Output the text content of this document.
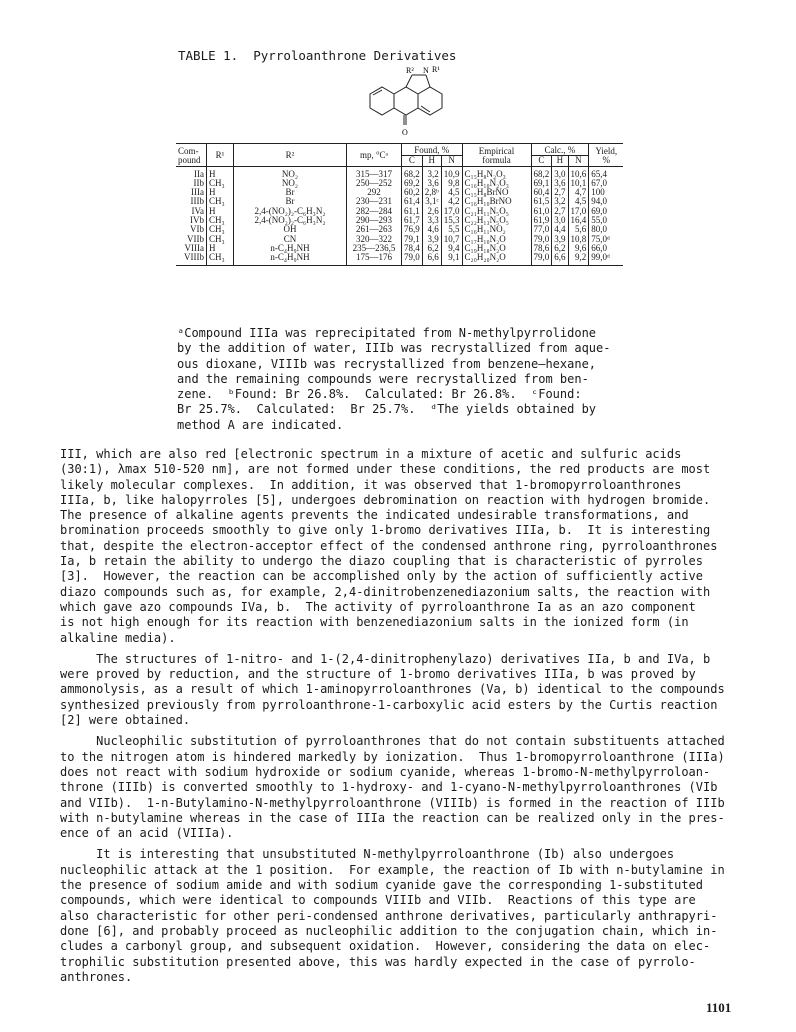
TABLE 1.  Pyrroloanthrone Derivatives
R² N R¹
O
Com-
pound	R¹	R²	mp, °Cᵃ	Found, %			Empirical
formula	Calc., %			Yield,
%
				C	H	N		C	H	N	
IIa	H	NO₂	315—317	68,2	3,2	10,9	C₁₅H₈N₂O₃	68,2	3,0	10,6	65,4
IIb	CH₃	NO₂	250—252	69,2	3,6	9,8	C₁₆H₁₀N₂O₃	69,1	3,6	10,1	67,0
IIIa	H	Br	292	60,2	2,8ᵇ	4,5	C₁₅H₈BrNO	60,4	2,7	4,7	100
IIIb	CH₃	Br	230—231	61,4	3,1ᶜ	4,2	C₁₆H₁₀BrNO	61,5	3,2	4,5	94,0
IVa	H	2,4-(NO₂)₂-C₆H₃N₂	282—284	61,1	2,6	17,0	C₂₁H₁₁N₅O₅	61,0	2,7	17,0	69,0
IVb	CH₃	2,4-(NO₂)₂-C₆H₃N₂	290—293	61,7	3,3	15,3	C₂₂H₁₃N₅O₅	61,9	3,0	16,4	55,0
VIb	CH₃	OH	261—263	76,9	4,6	5,5	C₁₆H₁₁NO₂	77,0	4,4	5,6	80,0
VIIb	CH₃	CN	320—322	79,1	3,9	10,7	C₁₇H₁₀N₂O	79,0	3,9	10,8	75,0ᵈ
VIIIa	H	n-C₄H₉NH	235—236,5	78,4	6,2	9,4	C₁₉H₁₈N₂O	78,6	6,2	9,6	66,0
VIIIb	CH₃	n-C₄H₉NH	175—176	79,0	6,6	9,1	C₂₀H₂₀N₂O	79,0	6,6	9,2	99,0ᵈ

ᵃCompound IIIa was reprecipitated from N-methylpyrrolidone
by the addition of water, IIIb was recrystallized from aque-
ous dioxane, VIIIb was recrystallized from benzene—hexane,
and the remaining compounds were recrystallized from ben-
zene.  ᵇFound: Br 26.8%.  Calculated: Br 26.8%.  ᶜFound:
Br 25.7%.  Calculated:  Br 25.7%.  ᵈThe yields obtained by
method A are indicated.

III, which are also red [electronic spectrum in a mixture of acetic and sulfuric acids
(30:1), λmax 510-520 nm], are not formed under these conditions, the red products are most
likely molecular complexes.  In addition, it was observed that 1-bromopyrroloanthrones
IIIa, b, like halopyrroles [5], undergoes debromination on reaction with hydrogen bromide.
The presence of alkaline agents prevents the indicated undesirable transformations, and
bromination proceeds smoothly to give only 1-bromo derivatives IIIa, b.  It is interesting
that, despite the electron-acceptor effect of the condensed anthrone ring, pyrroloanthrones
Ia, b retain the ability to undergo the diazo coupling that is characteristic of pyrroles
[3].  However, the reaction can be accomplished only by the action of sufficiently active
diazo compounds such as, for example, 2,4-dinitrobenzenediazonium salts, the reaction with
which gave azo compounds IVa, b.  The activity of pyrroloanthrone Ia as an azo component
is not high enough for its reaction with benzenediazonium salts in the ionized form (in
alkaline media).

The structures of 1-nitro- and 1-(2,4-dinitrophenylazo) derivatives IIa, b and IVa, b
were proved by reduction, and the structure of 1-bromo derivatives IIIa, b was proved by
ammonolysis, as a result of which 1-aminopyrroloanthrones (Va, b) identical to the compounds
synthesized previously from pyrroloanthrone-1-carboxylic acid esters by the Curtis reaction
[2] were obtained.

Nucleophilic substitution of pyrroloanthrones that do not contain substituents attached
to the nitrogen atom is hindered markedly by ionization.  Thus 1-bromopyrroloanthrone (IIIa)
does not react with sodium hydroxide or sodium cyanide, whereas 1-bromo-N-methylpyrroloan-
throne (IIIb) is converted smoothly to 1-hydroxy- and 1-cyano-N-methylpyrroloanthrones (VIb
and VIIb).  1-n-Butylamino-N-methylpyrroloanthrone (VIIIb) is formed in the reaction of IIIb
with n-butylamine whereas in the case of IIIa the reaction can be realized only in the pres-
ence of an acid (VIIIa).

It is interesting that unsubstituted N-methylpyrroloanthrone (Ib) also undergoes
nucleophilic attack at the 1 position.  For example, the reaction of Ib with n-butylamine in
the presence of sodium amide and with sodium cyanide gave the corresponding 1-substituted
compounds, which were identical to compounds VIIIb and VIIb.  Reactions of this type are
also characteristic for other peri-condensed anthrone derivatives, particularly anthrapyri-
done [6], and probably proceed as nucleophilic addition to the conjugation chain, which in-
cludes a carbonyl group, and subsequent oxidation.  However, considering the data on elec-
trophilic substitution presented above, this was hardly expected in the case of pyrrolo-
anthrones.

1101
